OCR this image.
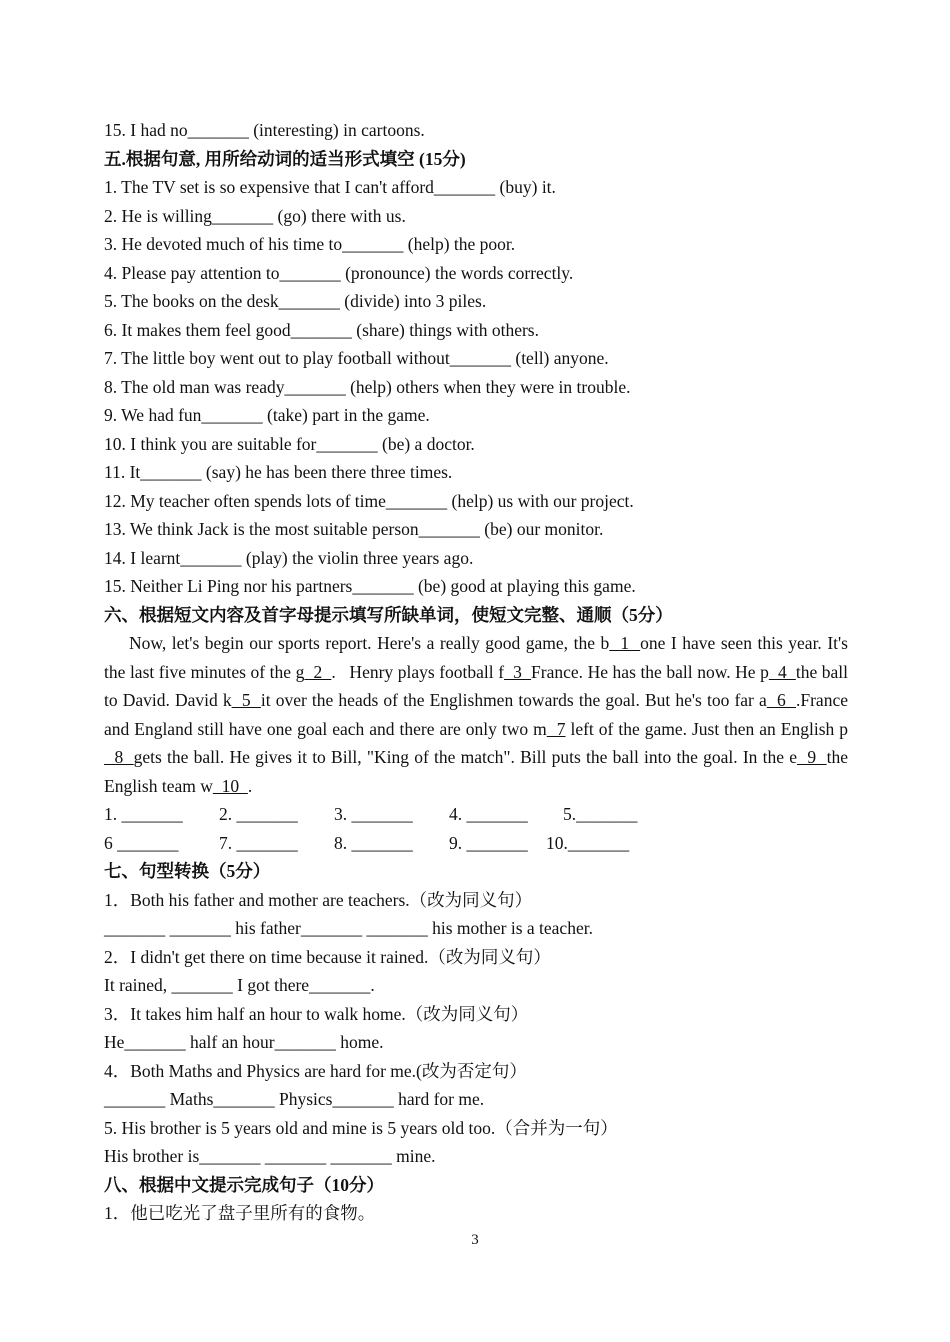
15. I had no_______ (interesting) in cartoons.
五.根据句意, 用所给动词的适当形式填空 (15分)
1. The TV set is so expensive that I can't afford_______ (buy) it.
2. He is willing_______ (go) there with us.
3. He devoted much of his time to_______ (help) the poor.
4. Please pay attention to_______ (pronounce) the words correctly.
5. The books on the desk_______ (divide) into 3 piles.
6. It makes them feel good_______ (share) things with others.
7. The little boy went out to play football without_______ (tell) anyone.
8. The old man was ready_______ (help) others when they were in trouble.
9. We had fun_______ (take) part in the game.
10. I think you are suitable for_______ (be) a doctor.
11. It_______ (say) he has been there three times.
12. My teacher often spends lots of time_______ (help) us with our project.
13. We think Jack is the most suitable person_______ (be) our monitor.
14. I learnt_______ (play) the violin three years ago.
15. Neither Li Ping nor his partners_______ (be) good at playing this game.
六、根据短文内容及首字母提示填写所缺单词，使短文完整、通顺（5分）

Now, let's begin our sports report. Here's a really good game, the b  1  one I have seen this year. It's the last five minutes of the g  2  .   Henry plays football f  3  France. He has the ball now. He p  4  the ball to David. David k  5  it over the heads of the Englishmen towards the goal. But he's too far a  6  .France and England still have one goal each and there are only two m  7 left of the game. Just then an English p  8  gets the ball. He gives it to Bill, "King of the match". Bill puts the ball into the goal. In the e  9  the English team w  10  .

1. _______	2. _______	3. _______	4. _______	5._______
6 _______	7. _______	8. _______	9. _______	10._______
七、句型转换（5分）
1．Both his father and mother are teachers.（改为同义句）
_______ _______ his father_______ _______ his mother is a teacher.
2．I didn't get there on time because it rained.（改为同义句）
It rained, _______ I got there_______.
3．It takes him half an hour to walk home.（改为同义句）
He_______ half an hour_______ home.
4．Both Maths and Physics are hard for me.(改为否定句）
_______ Maths_______ Physics_______ hard for me.
5. His brother is 5 years old and mine is 5 years old too.（合并为一句）
His brother is_______ _______ _______ mine.
八、根据中文提示完成句子（10分）
1．他已吃光了盘子里所有的食物。
3
